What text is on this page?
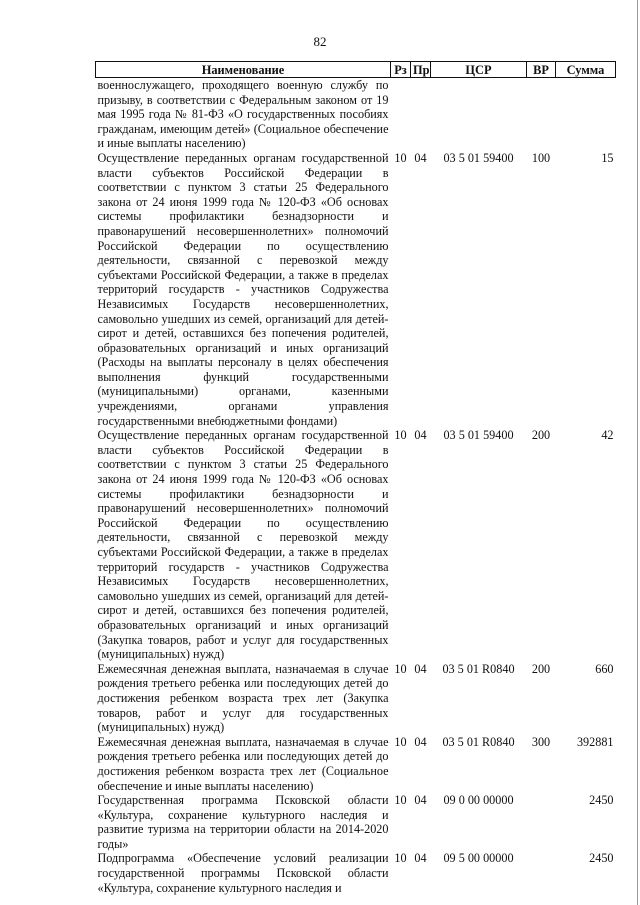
82
Наименование	Рз	Пр	ЦСР	ВР	Сумма
военнослужащего, проходящего военную службу по призыву, в соответствии с Федеральным законом от 19 мая 1995 года № 81-ФЗ «О государственных пособиях гражданам, имеющим детей» (Социальное обеспечение и иные выплаты населению)					
Осуществление переданных органам государственной власти субъектов Российской Федерации в соответствии с пунктом 3 статьи 25 Федерального закона от 24 июня 1999 года № 120-ФЗ «Об основах системы профилактики безнадзорности и правонарушений несовершеннолетних» полномочий Российской Федерации по осуществлению деятельности, связанной с перевозкой между субъектами Российской Федерации, а также в пределах территорий государств - участников Содружества Независимых Государств несовершеннолетних, самовольно ушедших из семей, организаций для детей-сирот и детей, оставшихся без попечения родителей, образовательных организаций и иных организаций (Расходы на выплаты персоналу в целях обеспечения выполнения функций государственными (муниципальными) органами, казенными учреждениями, органами управления государственными внебюджетными фондами)	10	04	03 5 01 59400	100	15
Осуществление переданных органам государственной власти субъектов Российской Федерации в соответствии с пунктом 3 статьи 25 Федерального закона от 24 июня 1999 года № 120-ФЗ «Об основах системы профилактики безнадзорности и правонарушений несовершеннолетних» полномочий Российской Федерации по осуществлению деятельности, связанной с перевозкой между субъектами Российской Федерации, а также в пределах территорий государств - участников Содружества Независимых Государств несовершеннолетних, самовольно ушедших из семей, организаций для детей-сирот и детей, оставшихся без попечения родителей, образовательных организаций и иных организаций (Закупка товаров, работ и услуг для государственных (муниципальных) нужд)	10	04	03 5 01 59400	200	42
Ежемесячная денежная выплата, назначаемая в случае рождения третьего ребенка или последующих детей до достижения ребенком возраста трех лет (Закупка товаров, работ и услуг для государственных (муниципальных) нужд)	10	04	03 5 01 R0840	200	660
Ежемесячная денежная выплата, назначаемая в случае рождения третьего ребенка или последующих детей до достижения ребенком возраста трех лет (Социальное обеспечение и иные выплаты населению)	10	04	03 5 01 R0840	300	392881
Государственная программа Псковской области «Культура, сохранение культурного наследия и развитие туризма на территории области на 2014-2020 годы»	10	04	09 0 00 00000		2450
Подпрограмма «Обеспечение условий реализации государственной программы Псковской области «Культура, сохранение культурного наследия и	10	04	09 5 00 00000		2450
